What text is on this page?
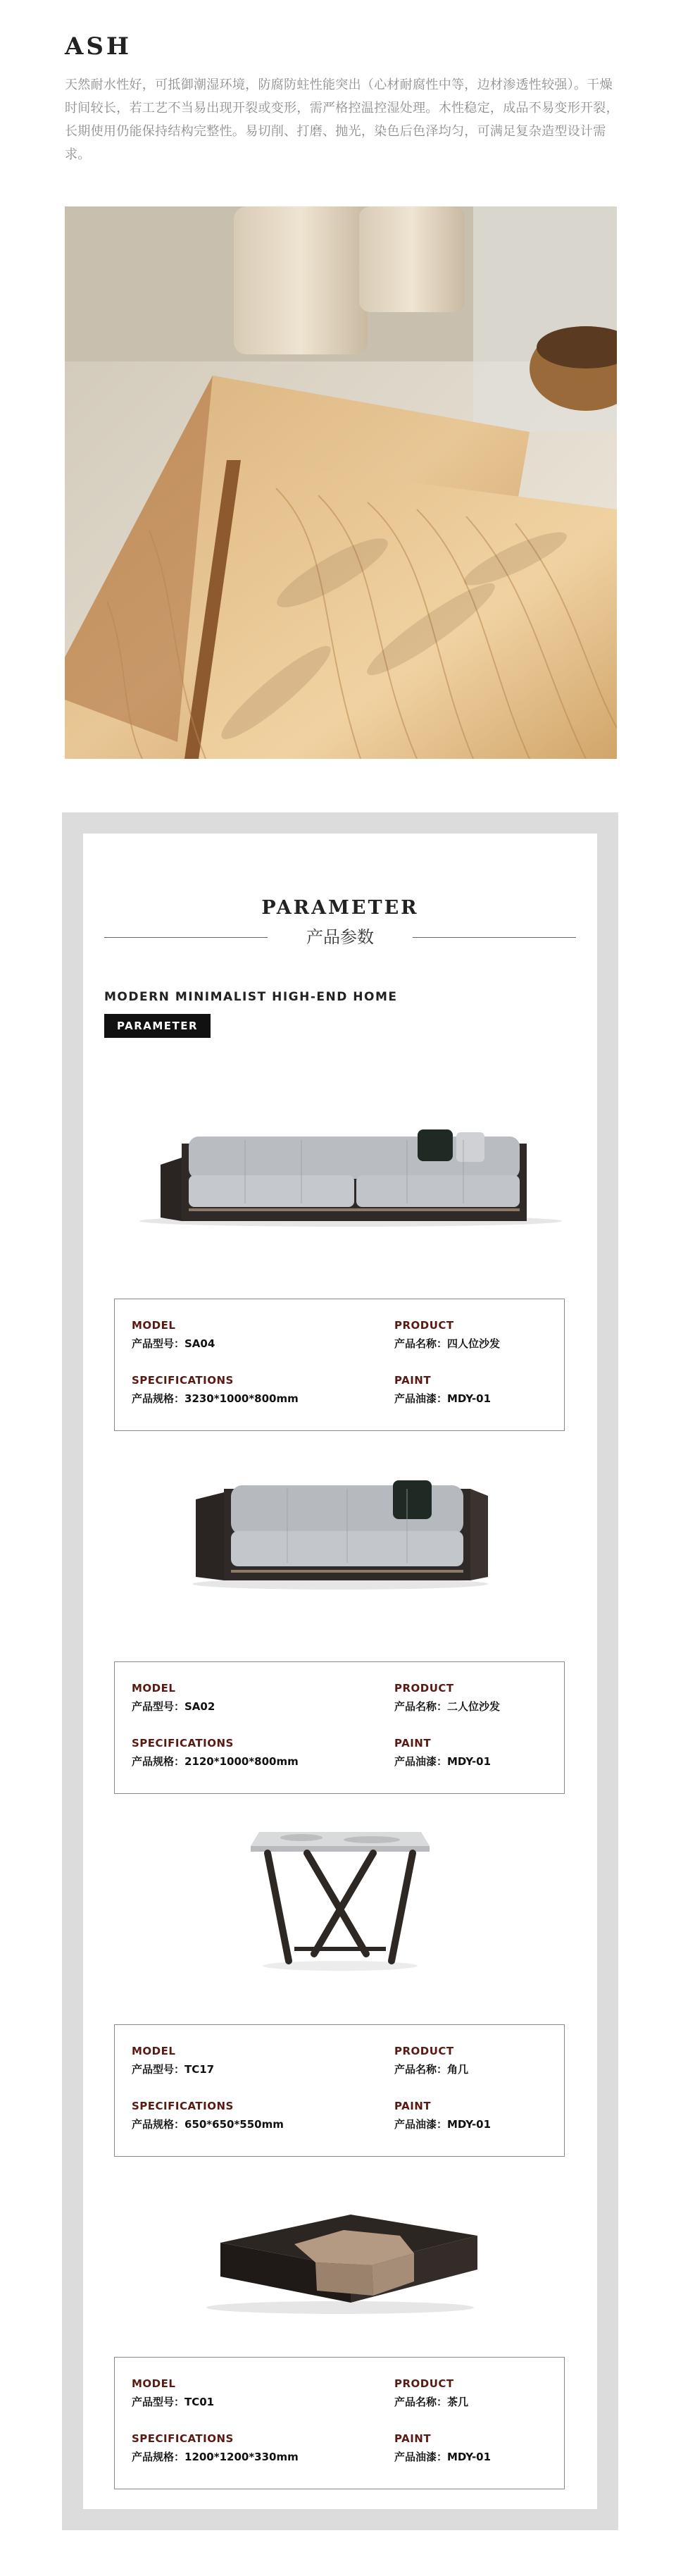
ASH

天然耐水性好，可抵御潮湿环境，防腐防蛀性能突出（心材耐腐性中等，边材渗透性较强）。干燥时间较长，若工艺不当易出现开裂或变形，需严格控温控湿处理。木性稳定，成品不易变形开裂，长期使用仍能保持结构完整性。易切削、打磨、抛光，染色后色泽均匀，可满足复杂造型设计需求。

PARAMETER
产品参数
MODERN MINIMALIST HIGH-END HOME
PARAMETER
MODEL
产品型号：SA04
PRODUCT
产品名称：四人位沙发
SPECIFICATIONS
产品规格：3230*1000*800mm
PAINT
产品油漆：MDY-01
MODEL
产品型号：SA02
PRODUCT
产品名称：二人位沙发
SPECIFICATIONS
产品规格：2120*1000*800mm
PAINT
产品油漆：MDY-01
MODEL
产品型号：TC17
PRODUCT
产品名称：角几
SPECIFICATIONS
产品规格：650*650*550mm
PAINT
产品油漆：MDY-01
MODEL
产品型号：TC01
PRODUCT
产品名称：茶几
SPECIFICATIONS
产品规格：1200*1200*330mm
PAINT
产品油漆：MDY-01
